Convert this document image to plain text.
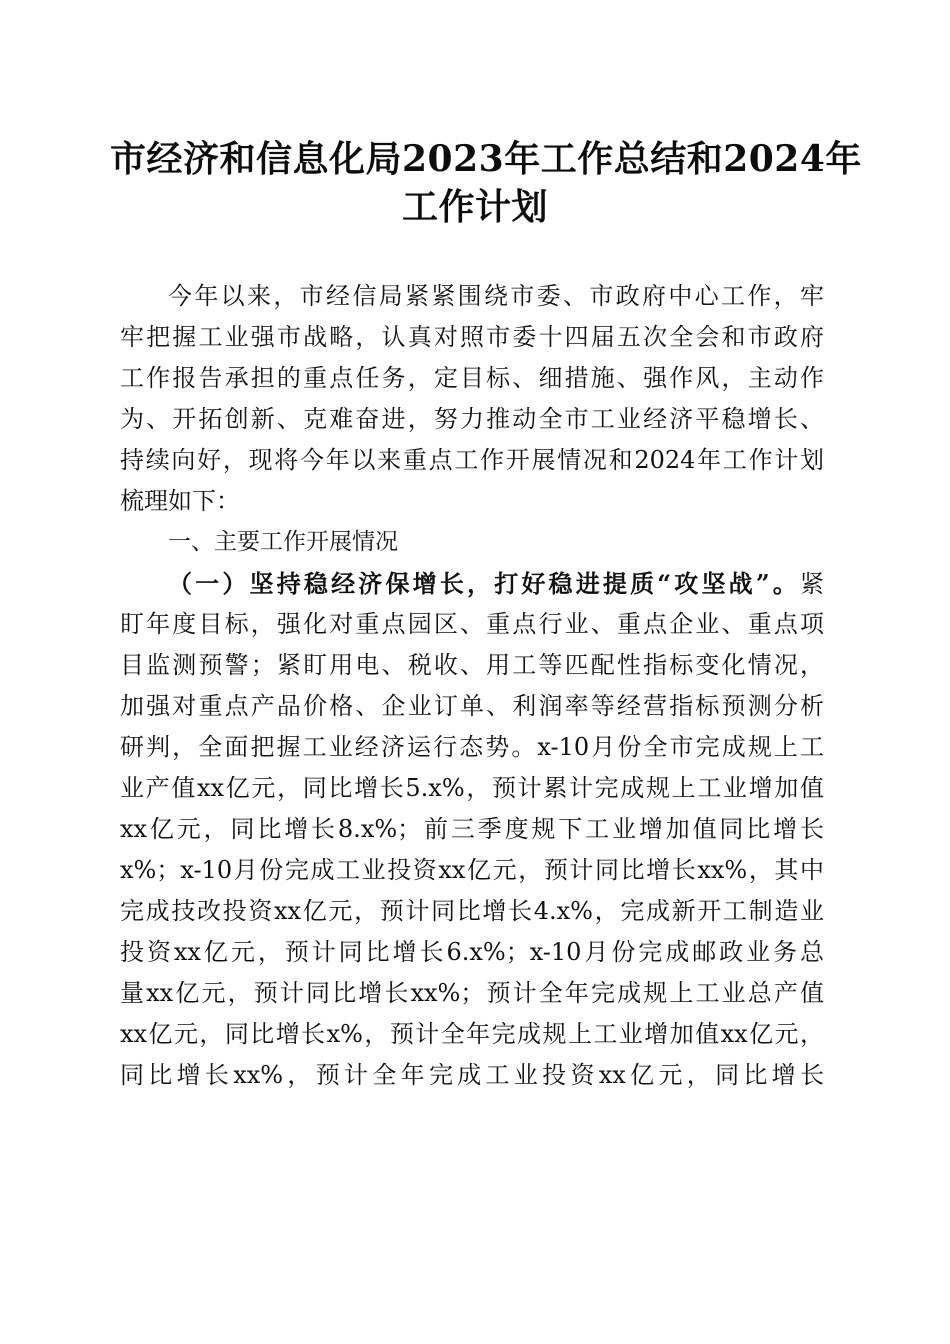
市经济和信息化局2023年工作总结和2024年
工作计划
今年以来，市经信局紧紧围绕市委、市政府中心工作，牢
牢把握工业强市战略，认真对照市委十四届五次全会和市政府
工作报告承担的重点任务，定目标、细措施、强作风，主动作
为、开拓创新、克难奋进，努力推动全市工业经济平稳增长、
持续向好，现将今年以来重点工作开展情况和2024年工作计划
梳理如下：
一、主要工作开展情况
（一）坚持稳经济保增长，打好稳进提质“攻坚战”。紧
盯年度目标，强化对重点园区、重点行业、重点企业、重点项
目监测预警；紧盯用电、税收、用工等匹配性指标变化情况，
加强对重点产品价格、企业订单、利润率等经营指标预测分析
研判，全面把握工业经济运行态势。x-10月份全市完成规上工
业产值xx亿元，同比增长5.x%，预计累计完成规上工业增加值
xx亿元，同比增长8.x%；前三季度规下工业增加值同比增长
x%；x-10月份完成工业投资xx亿元，预计同比增长xx%，其中
完成技改投资xx亿元，预计同比增长4.x%，完成新开工制造业
投资xx亿元，预计同比增长6.x%；x-10月份完成邮政业务总
量xx亿元，预计同比增长xx%；预计全年完成规上工业总产值
xx亿元，同比增长x%，预计全年完成规上工业增加值xx亿元，
同比增长xx%，预计全年完成工业投资xx亿元，同比增长
